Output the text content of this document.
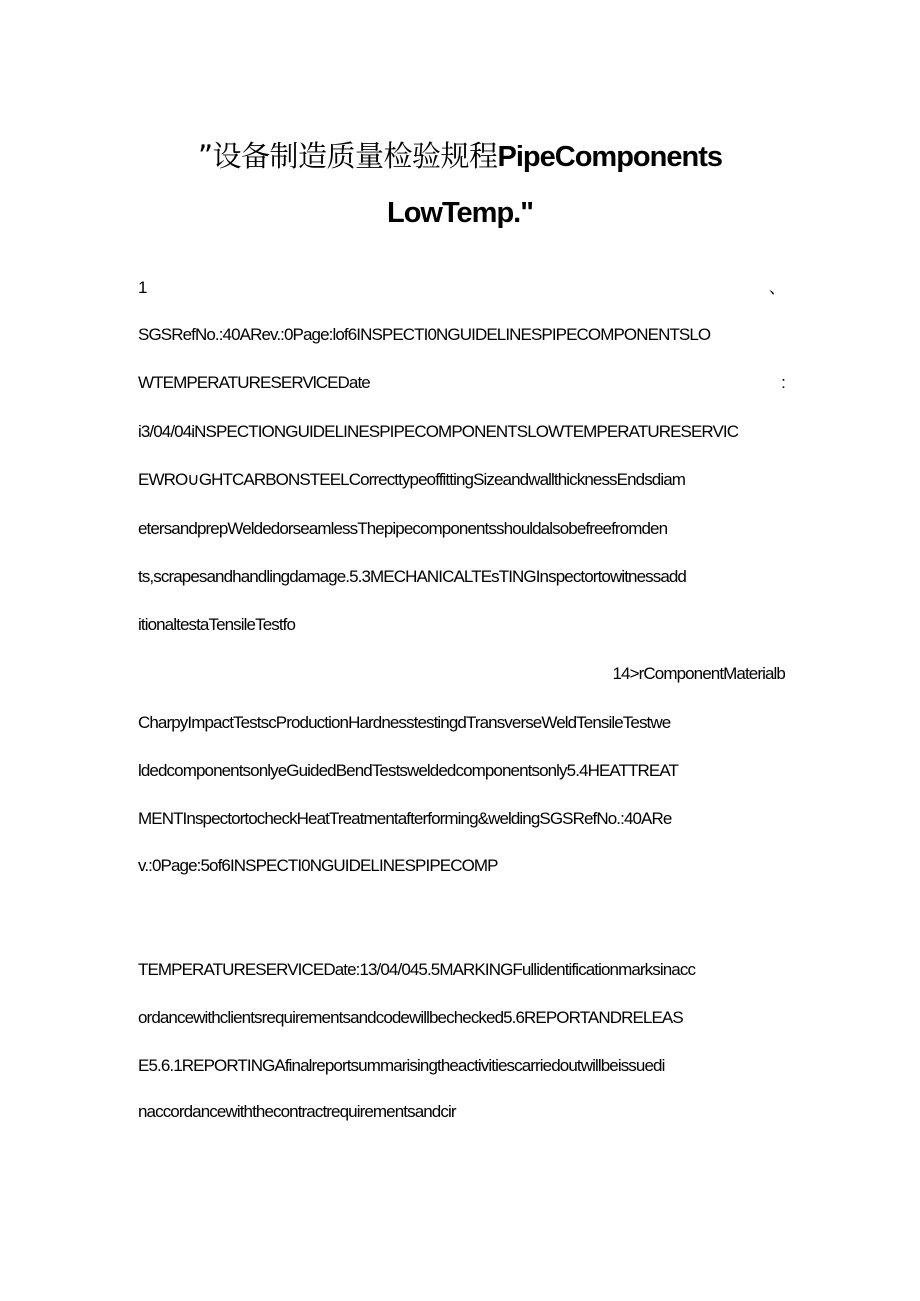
”设备制造质量检验规程PipeComponents
LowTemp."
1	、
SGSRefNo.:40ARev.:0Page:lof6INSPECTI0NGUIDELINESPIPECOMPONENTSLO
WTEMPERATURESERVlCEDate	:
i3/04/04iNSPECTIONGUIDELINESPIPECOMPONENTSLOWTEMPERATURESERVIC
EWRO∪GHTCARBONSTEELCorrecttypeoffittingSizeandwallthicknessEndsdiam
etersandprepWeldedorseamlessThepipecomponentsshouldalsobefreefromden
ts,scrapesandhandlingdamage.5.3MECHANICALTEsTINGInspectortowitnessadd
itionaltestaTensileTestfo
14>rComponentMaterialb
CharpyImpactTestscProductionHardnesstestingdTransverseWeldTensileTestwe
ldedcomponentsonlyeGuidedBendTestsweldedcomponentsonly5.4HEATTREAT
MENTInspectortocheckHeatTreatmentafterforming&weldingSGSRefNo.:40ARe
v.:0Page:5of6INSPECTI0NGUIDELINESPIPECOMP
TEMPERATURESERVICEDate:13/04/045.5MARKINGFullidentificationmarksinacc
ordancewithclientsrequirementsandcodewillbechecked5.6REPORTANDRELEAS
E5.6.1REPORTINGAfinalreportsummarisingtheactivitiescarriedoutwillbeissuedi
naccordancewiththecontractrequirementsandcir
